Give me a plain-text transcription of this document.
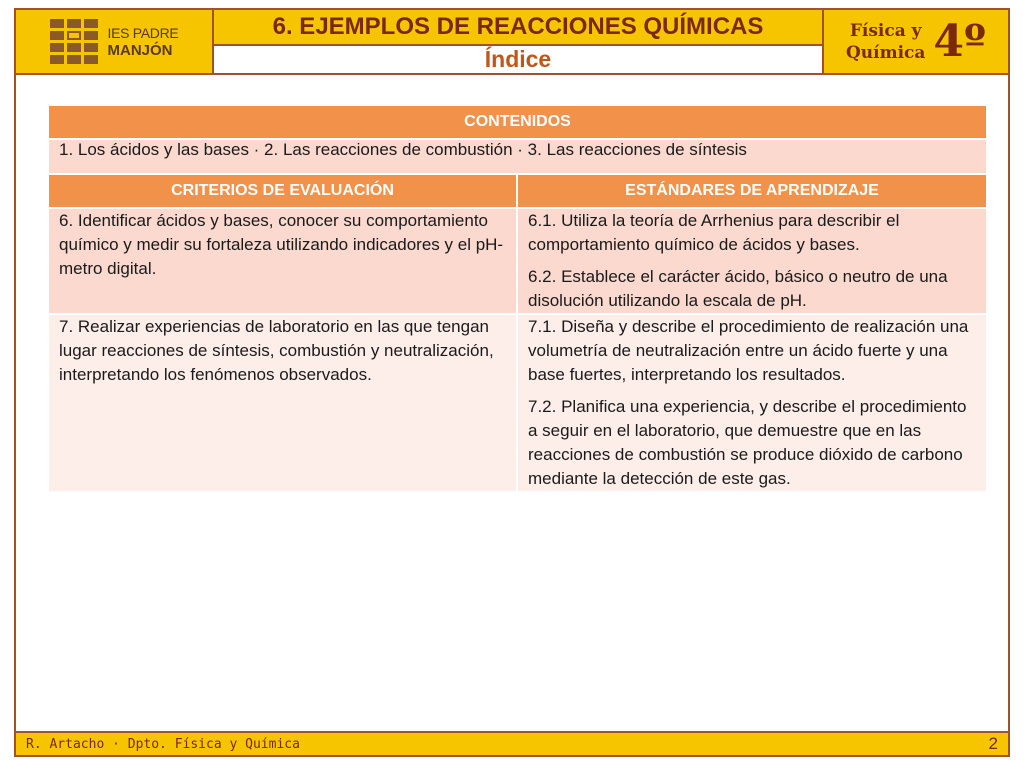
IES PADRE
MANJÓN
6. EJEMPLOS DE REACCIONES QUÍMICAS
Índice
Física y
Química 4º
CONTENIDOS	
1. Los ácidos y las bases · 2. Las reacciones de combustión · 3. Las reacciones de síntesis	
CRITERIOS DE EVALUACIÓN	ESTÁNDARES DE APRENDIZAJE

6. Identificar ácidos y bases, conocer su comportamiento químico y medir su fortaleza utilizando indicadores y el pH-metro digital.	6.1. Utiliza la teoría de Arrhenius para describir el comportamiento químico de ácidos y bases.

6.2. Establece el carácter ácido, básico o neutro de una disolución utilizando la escala de pH.

7. Realizar experiencias de laboratorio en las que tengan lugar reacciones de síntesis, combustión y neutralización, interpretando los fenómenos observados.	7.1. Diseña y describe el procedimiento de realización una volumetría de neutralización entre un ácido fuerte y una base fuertes, interpretando los resultados.

7.2. Planifica una experiencia, y describe el procedimiento a seguir en el laboratorio, que demuestre que en las reacciones de combustión se produce dióxido de carbono mediante la detección de este gas.

R. Artacho · Dpto. Física y Química	2
